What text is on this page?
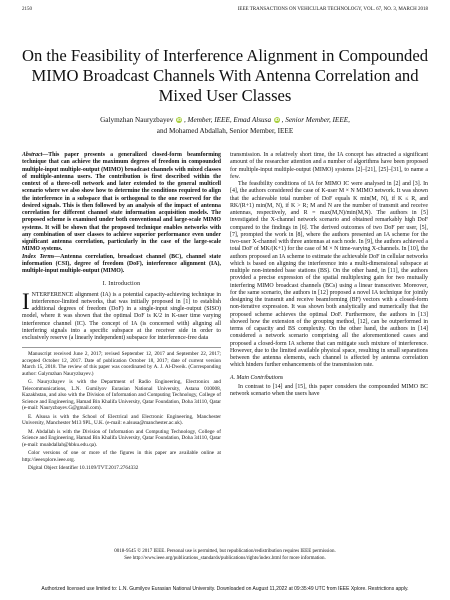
2150	IEEE TRANSACTIONS ON VEHICULAR TECHNOLOGY, VOL. 67, NO. 3, MARCH 2018
On the Feasibility of Interference Alignment in Compounded MIMO Broadcast Channels With Antenna Correlation and Mixed User Classes
Galymzhan Nauryzbayev iD , Member, IEEE, Emad Alsusa iD , Senior Member, IEEE,
and Mohamed Abdallah, Senior Member, IEEE

Abstract—This paper presents a generalized closed-form beamforming technique that can achieve the maximum degrees of freedom in compounded multiple-input multiple-output (MIMO) broadcast channels with mixed classes of multiple-antenna users. The contribution is first described within the context of a three-cell network and later extended to the general multicell scenario where we also show how to determine the conditions required to align the interference in a subspace that is orthogonal to the one reserved for the desired signals. This is then followed by an analysis of the impact of antenna correlation for different channel state information acquisition models. The proposed scheme is examined under both conventional and large-scale MIMO systems. It will be shown that the proposed technique enables networks with any combination of user classes to achieve superior performance even under significant antenna correlation, particularly in the case of the large-scale MIMO systems.

Index Terms—Antenna correlation, broadcast channel (BC), channel state information (CSI), degree of freedom (DoF), interference alignment (IA), multiple-input multiple-output (MIMO).

I. Introduction

INTERFERENCE alignment (IA) is a potential capacity-achieving technique in interference-limited networks, that was initially proposed in [1] to establish additional degrees of freedom (DoF) in a single-input single-output (SISO) model, where it was shown that the optimal DoF is K/2 in K-user time varying interference channel (IC). The concept of IA (is concerned with) aligning all interfering signals into a specific subspace at the receiver side in order to exclusively reserve (a linearly independent) subspace for interference-free data

Manuscript received June 2, 2017; revised September 12, 2017 and September 22, 2017; accepted October 12, 2017. Date of publication October 18, 2017; date of current version March 15, 2018. The review of this paper was coordinated by A. J. Al-Dweik. (Corresponding author: Galymzhan Nauryzbayev.)

G. Nauryzbayev is with the Department of Radio Engineering, Electronics and Telecommunications, L.N. Gumilyov Eurasian National University, Astana 010008, Kazakhstan, and also with the Division of Information and Computing Technology, College of Science and Engineering, Hamad Bin Khalifa University, Qatar Foundation, Doha 34110, Qatar (e-mail: Nauryzbayev.G@gmail.com).

E. Alsusa is with the School of Electrical and Electronic Engineering, Manchester University, Manchester M13 9PL, U.K. (e-mail: e.alsusa@manchester.ac.uk).

M. Abdallah is with the Division of Information and Computing Technology, College of Science and Engineering, Hamad Bin Khalifa University, Qatar Foundation, Doha 34110, Qatar (e-mail: moabdallah@hbku.edu.qa).

Color versions of one or more of the figures in this paper are available online at http://ieeexplore.ieee.org.

Digital Object Identifier 10.1109/TVT.2017.2764332

transmission. In a relatively short time, the IA concept has attracted a significant amount of the researcher attention and a number of algorithms have been proposed for multiple-input multiple-output (MIMO) systems [2]–[21], [25]–[31], to name a few.

The feasibility conditions of IA for MIMO IC were analysed in [2] and [3]. In [4], the authors considered the case of K-user M × N MIMO network. It was shown that the achievable total number of DoF equals K min(M, N), if K ≤ R, and RK/(R+1) min(M, N), if K > R; M and N are the number of transmit and receive antennas, respectively, and R = max(M,N)/min(M,N). The authors in [5] investigated the X-channel network scenario and obtained remarkably high DoF compared to the findings in [6]. The derived outcomes of two DoF per user, [5], [7], prompted the work in [8], where the authors presented an IA scheme for the two-user X-channel with three antennas at each node. In [9], the authors achieved a total DoF of MK/(K+1) for the case of M × N time-varying X-channels. In [10], the authors proposed an IA scheme to estimate the achievable DoF in cellular networks which is based on aligning the interference into a multi-dimensional subspace at multiple non-intended base stations (BS). On the other hand, in [11], the authors provided a precise expression of the spatial multiplexing gain for two mutually interfering MIMO broadcast channels (BCs) using a linear transceiver. Moreover, for the same scenario, the authors in [12] proposed a novel IA technique for jointly designing the transmit and receive beamforming (BF) vectors with a closed-form non-iterative expression. It was shown both analytically and numerically that the proposed scheme achieves the optimal DoF. Furthermore, the authors in [13] showed how the extension of the grouping method, [12], can be outperformed in terms of capacity and BS complexity. On the other hand, the authors in [14] considered a network scenario comprising all the aforementioned cases and proposed a closed-form IA scheme that can mitigate such mixture of interference. However, due to the limited available physical space, resulting in small separations between the antenna elements, each channel is affected by antenna correlation which hinders further enhancements of the transmission rate.

A. Main Contributions

In contrast to [14] and [15], this paper considers the compounded MIMO BC network scenario when the users have

0018-9545 © 2017 IEEE. Personal use is permitted, but republication/redistribution requires IEEE permission.
See http://www.ieee.org/publications_standards/publications/rights/index.html for more information.
Authorized licensed use limited to: L.N. Gumilyov Eurasian National University. Downloaded on August 11,2022 at 09:35:49 UTC from IEEE Xplore. Restrictions apply.
